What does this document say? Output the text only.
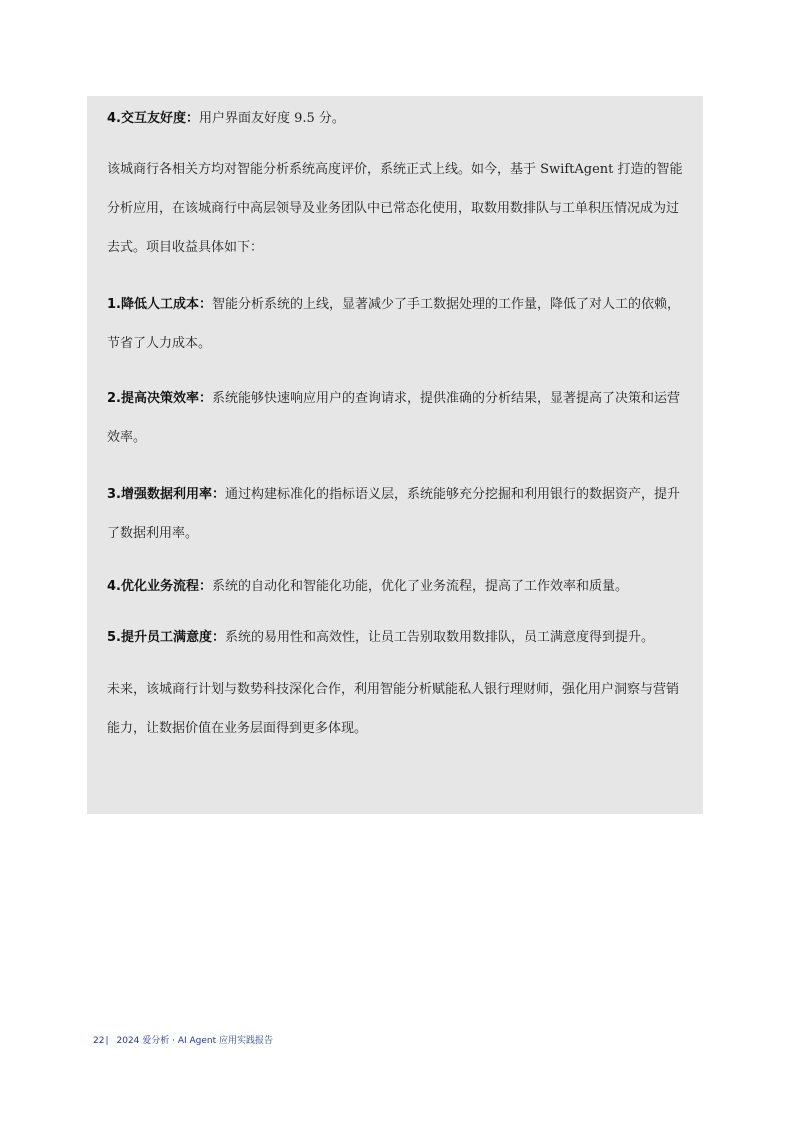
4.交互友好度：用户界面友好度 9.5 分。

该城商行各相关方均对智能分析系统高度评价，系统正式上线。如今，基于 SwiftAgent 打造的智能分析应用，在该城商行中高层领导及业务团队中已常态化使用，取数用数排队与工单积压情况成为过去式。项目收益具体如下：

1.降低人工成本：智能分析系统的上线，显著减少了手工数据处理的工作量，降低了对人工的依赖，节省了人力成本。

2.提高决策效率：系统能够快速响应用户的查询请求，提供准确的分析结果，显著提高了决策和运营效率。

3.增强数据利用率：通过构建标准化的指标语义层，系统能够充分挖掘和利用银行的数据资产，提升了数据利用率。

4.优化业务流程：系统的自动化和智能化功能，优化了业务流程，提高了工作效率和质量。

5.提升员工满意度：系统的易用性和高效性，让员工告别取数用数排队，员工满意度得到提升。

未来，该城商行计划与数势科技深化合作，利用智能分析赋能私人银行理财师，强化用户洞察与营销能力，让数据价值在业务层面得到更多体现。

22| 2024 爱分析 · AI Agent 应用实践报告
